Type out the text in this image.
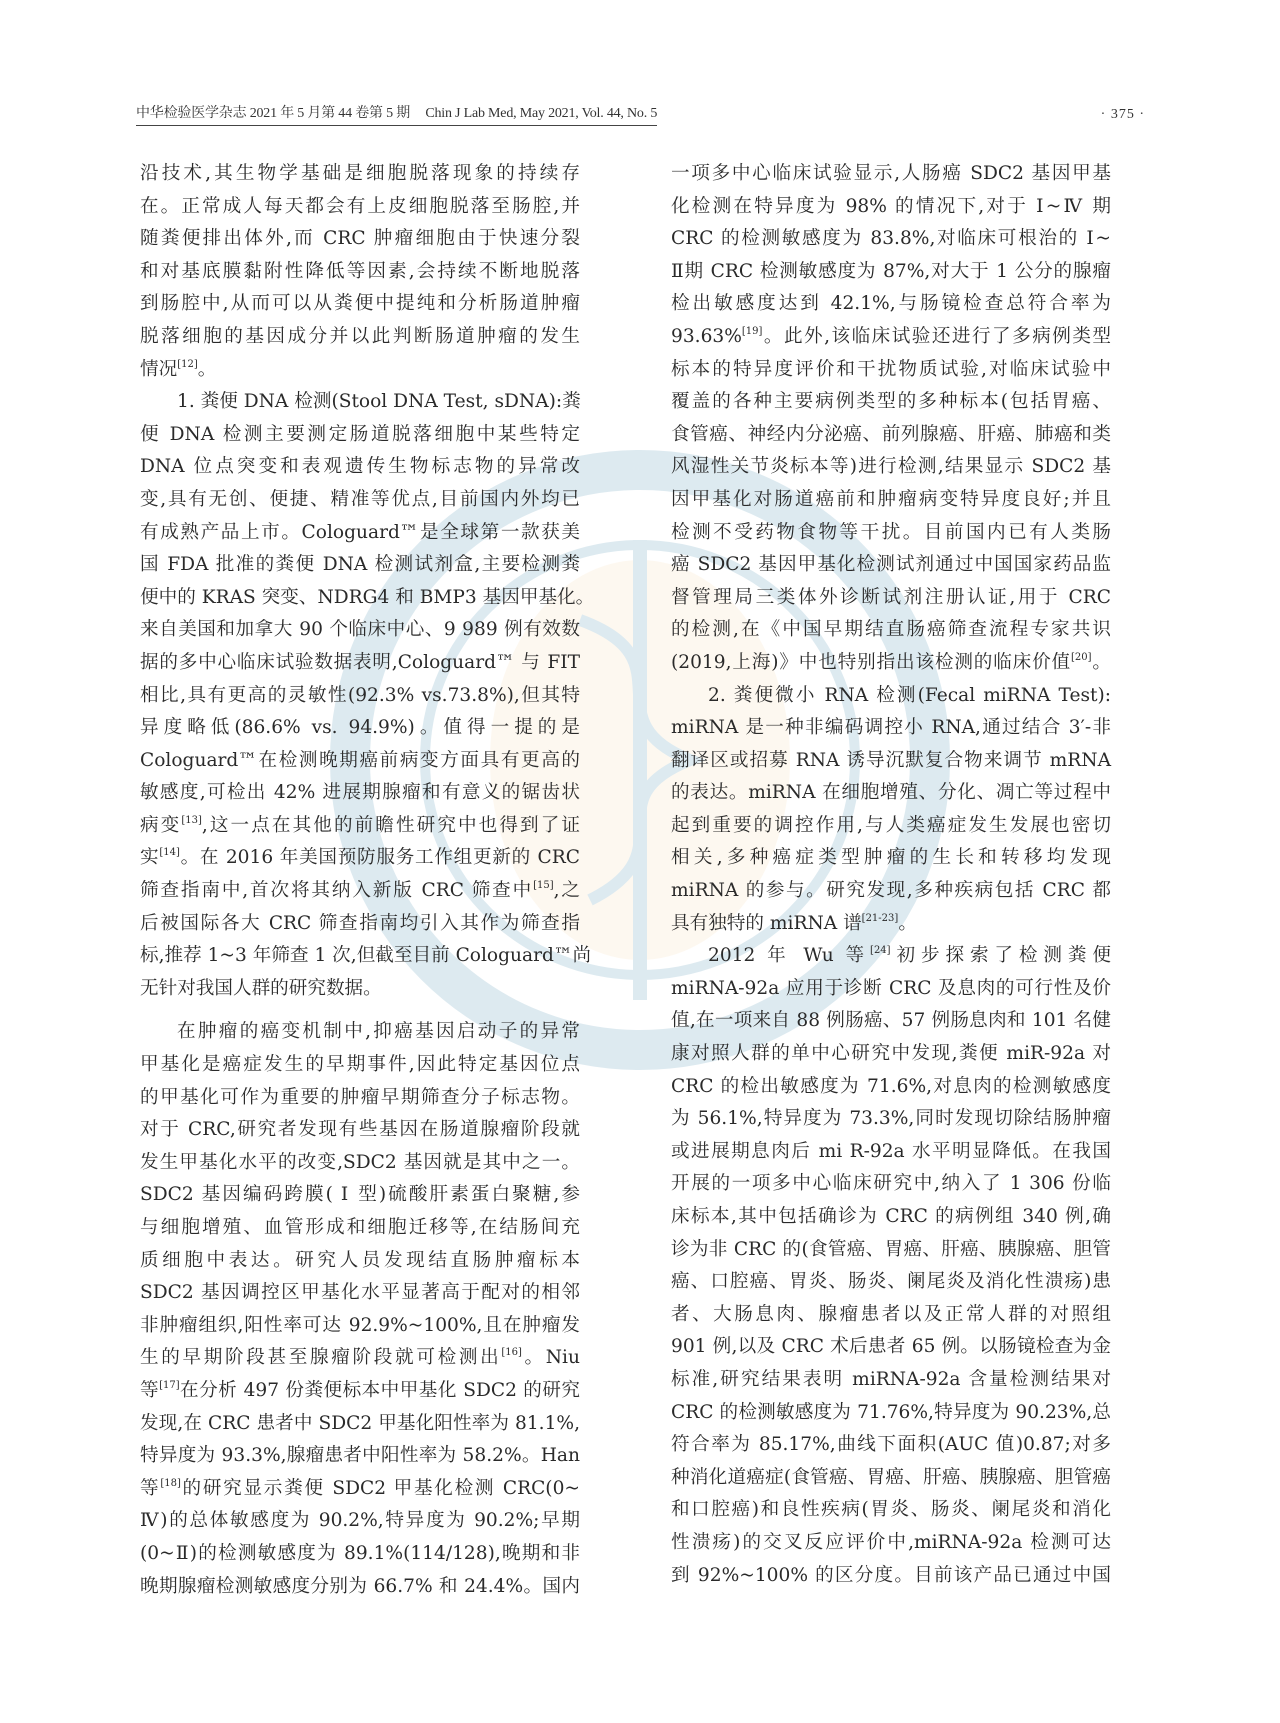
中华检验医学杂志 2021 年 5 月第 44 卷第 5 期 Chin J Lab Med, May 2021, Vol. 44, No. 5	· 375 ·
沿技术,其生物学基础是细胞脱落现象的持续存
在。正常成人每天都会有上皮细胞脱落至肠腔,并
随粪便排出体外,而 CRC 肿瘤细胞由于快速分裂
和对基底膜黏附性降低等因素,会持续不断地脱落
到肠腔中,从而可以从粪便中提纯和分析肠道肿瘤
脱落细胞的基因成分并以此判断肠道肿瘤的发生
情况[12]。
1. 粪便 DNA 检测(Stool DNA Test, sDNA):粪
便 DNA 检测主要测定肠道脱落细胞中某些特定
DNA 位点突变和表观遗传生物标志物的异常改
变,具有无创、便捷、精准等优点,目前国内外均已
有成熟产品上市。Cologuard™是全球第一款获美
国 FDA 批准的粪便 DNA 检测试剂盒,主要检测粪
便中的 KRAS 突变、NDRG4 和 BMP3 基因甲基化。
来自美国和加拿大 90 个临床中心、9 989 例有效数
据的多中心临床试验数据表明,Cologuard™ 与 FIT
相比,具有更高的灵敏性(92.3% vs.73.8%),但其特
异度略低(86.6% vs. 94.9%)。值得一提的是
Cologuard™在检测晚期癌前病变方面具有更高的
敏感度,可检出 42% 进展期腺瘤和有意义的锯齿状
病变[13],这一点在其他的前瞻性研究中也得到了证
实[14]。在 2016 年美国预防服务工作组更新的 CRC
筛查指南中,首次将其纳入新版 CRC 筛查中[15],之
后被国际各大 CRC 筛查指南均引入其作为筛查指
标,推荐 1~3 年筛查 1 次,但截至目前 Cologuard™尚
无针对我国人群的研究数据。
在肿瘤的癌变机制中,抑癌基因启动子的异常
甲基化是癌症发生的早期事件,因此特定基因位点
的甲基化可作为重要的肿瘤早期筛查分子标志物。
对于 CRC,研究者发现有些基因在肠道腺瘤阶段就
发生甲基化水平的改变,SDC2 基因就是其中之一。
SDC2 基因编码跨膜( Ⅰ 型)硫酸肝素蛋白聚糖,参
与细胞增殖、血管形成和细胞迁移等,在结肠间充
质细胞中表达。研究人员发现结直肠肿瘤标本
SDC2 基因调控区甲基化水平显著高于配对的相邻
非肿瘤组织,阳性率可达 92.9%~100%,且在肿瘤发
生的早期阶段甚至腺瘤阶段就可检测出[16]。Niu
等[17]在分析 497 份粪便标本中甲基化 SDC2 的研究
发现,在 CRC 患者中 SDC2 甲基化阳性率为 81.1%,
特异度为 93.3%,腺瘤患者中阳性率为 58.2%。Han
等[18]的研究显示粪便 SDC2 甲基化检测 CRC(0~
Ⅳ)的总体敏感度为 90.2%,特异度为 90.2%;早期
(0~Ⅱ)的检测敏感度为 89.1%(114/128),晚期和非
晚期腺瘤检测敏感度分别为 66.7% 和 24.4%。国内
一项多中心临床试验显示,人肠癌 SDC2 基因甲基
化检测在特异度为 98% 的情况下,对于 Ⅰ~Ⅳ 期
CRC 的检测敏感度为 83.8%,对临床可根治的 Ⅰ~
Ⅱ期 CRC 检测敏感度为 87%,对大于 1 公分的腺瘤
检出敏感度达到 42.1%,与肠镜检查总符合率为
93.63%[19]。此外,该临床试验还进行了多病例类型
标本的特异度评价和干扰物质试验,对临床试验中
覆盖的各种主要病例类型的多种标本(包括胃癌、
食管癌、神经内分泌癌、前列腺癌、肝癌、肺癌和类
风湿性关节炎标本等)进行检测,结果显示 SDC2 基
因甲基化对肠道癌前和肿瘤病变特异度良好;并且
检测不受药物食物等干扰。目前国内已有人类肠
癌 SDC2 基因甲基化检测试剂通过中国国家药品监
督管理局三类体外诊断试剂注册认证,用于 CRC
的检测,在《中国早期结直肠癌筛查流程专家共识
(2019,上海)》中也特别指出该检测的临床价值[20]。
2. 粪便微小 RNA 检测(Fecal miRNA Test):
miRNA 是一种非编码调控小 RNA,通过结合 3′-非
翻译区或招募 RNA 诱导沉默复合物来调节 mRNA
的表达。miRNA 在细胞增殖、分化、凋亡等过程中
起到重要的调控作用,与人类癌症发生发展也密切
相关,多种癌症类型肿瘤的生长和转移均发现
miRNA 的参与。研究发现,多种疾病包括 CRC 都
具有独特的 miRNA 谱[21-23]。
2012 年 Wu 等[24]初步探索了检测粪便
miRNA-92a 应用于诊断 CRC 及息肉的可行性及价
值,在一项来自 88 例肠癌、57 例肠息肉和 101 名健
康对照人群的单中心研究中发现,粪便 miR-92a 对
CRC 的检出敏感度为 71.6%,对息肉的检测敏感度
为 56.1%,特异度为 73.3%,同时发现切除结肠肿瘤
或进展期息肉后 mi R-92a 水平明显降低。在我国
开展的一项多中心临床研究中,纳入了 1 306 份临
床标本,其中包括确诊为 CRC 的病例组 340 例,确
诊为非 CRC 的(食管癌、胃癌、肝癌、胰腺癌、胆管
癌、口腔癌、胃炎、肠炎、阑尾炎及消化性溃疡)患
者、大肠息肉、腺瘤患者以及正常人群的对照组
901 例,以及 CRC 术后患者 65 例。以肠镜检查为金
标准,研究结果表明 miRNA-92a 含量检测结果对
CRC 的检测敏感度为 71.76%,特异度为 90.23%,总
符合率为 85.17%,曲线下面积(AUC 值)0.87;对多
种消化道癌症(食管癌、胃癌、肝癌、胰腺癌、胆管癌
和口腔癌)和良性疾病(胃炎、肠炎、阑尾炎和消化
性溃疡)的交叉反应评价中,miRNA-92a 检测可达
到 92%~100% 的区分度。目前该产品已通过中国
